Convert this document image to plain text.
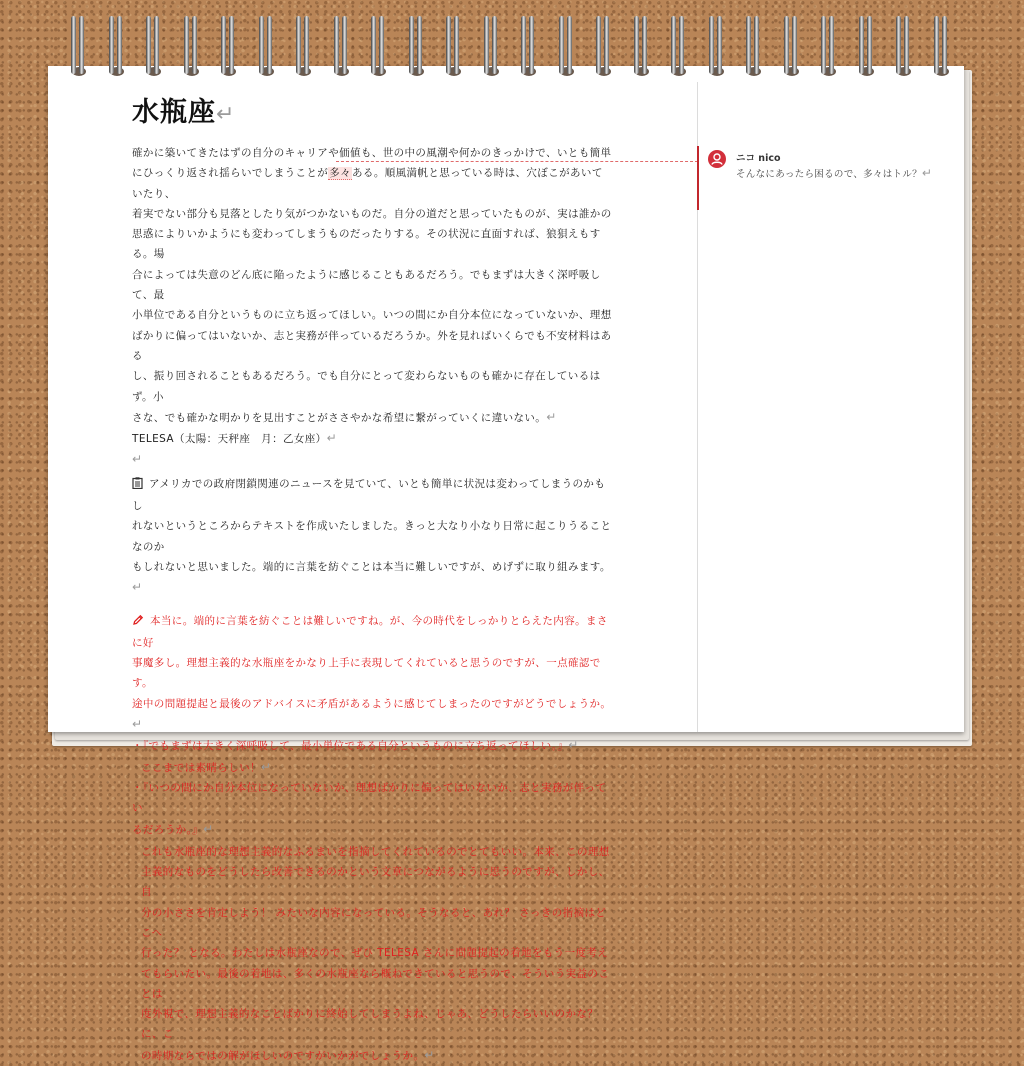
水瓶座↵

確かに築いてきたはずの自分のキャリアや価値も、世の中の風潮や何かのきっかけで、いとも簡単
にひっくり返され揺らいでしまうことが多々ある。順風満帆と思っている時は、穴ぼこがあいていたり、
着実でない部分も見落としたり気がつかないものだ。自分の道だと思っていたものが、実は誰かの
思惑によりいかようにも変わってしまうものだったりする。その状況に直面すれば、狼狽えもする。場
合によっては失意のどん底に陥ったように感じることもあるだろう。でもまずは大きく深呼吸して、最
小単位である自分というものに立ち返ってほしい。いつの間にか自分本位になっていないか、理想
ばかりに偏ってはいないか、志と実務が伴っているだろうか。外を見ればいくらでも不安材料はある
し、振り回されることもあるだろう。でも自分にとって変わらないものも確かに存在しているはず。小
さな、でも確かな明かりを見出すことがささやかな希望に繋がっていくに違いない。↵
TELESA（太陽：天秤座　月：乙女座）↵
↵

アメリカでの政府閉鎖関連のニュースを見ていて、いとも簡単に状況は変わってしまうのかもし
れないというところからテキストを作成いたしました。きっと大なり小なり日常に起こりうることなのか
もしれないと思いました。端的に言葉を紡ぐことは本当に難しいですが、めげずに取り組みます。↵

本当に。端的に言葉を紡ぐことは難しいですね。が、今の時代をしっかりとらえた内容。まさに好
事魔多し。理想主義的な水瓶座をかなり上手に表現してくれていると思うのですが、一点確認です。
途中の問題提起と最後のアドバイスに矛盾があるように感じてしまったのですがどうでしょうか。↵
・『でもまずは大きく深呼吸して、最小単位である自分というものに立ち返ってほしい。』↵
ここまでは素晴らしい！↵
・『いつの間にか自分本位になっていないか、理想ばかりに偏ってはいないか、志と実務が伴ってい
るだろうか。』↵

これも水瓶座的な理想主義的なふるまいを指摘してくれているのでとてもいい。本来、この理想
主義的なものをどうしたら改善できるのかという文章につながるように思うのですが、しかし、自
分の小ささを肯定しよう！ みたいな内容になっている。そうなると、あれ？ さっきの指摘はどこへ
行った？ となる。わたしは水瓶座なので、ぜひ TELESA さんに問題提起の着地をもう一度考え
てもらいたい。最後の着地は、多くの水瓶座なら概ねできていると思うので、そういう実益のことは
度外視で、理想主義的なことばかりに終始してしまうよね、じゃあ、どうしたらいいのかな？ に、こ
の時期ならではの解がほしいのですがいかがでしょうか。↵

ニコ nico
そんなにあったら困るので、多々はトル？↵
